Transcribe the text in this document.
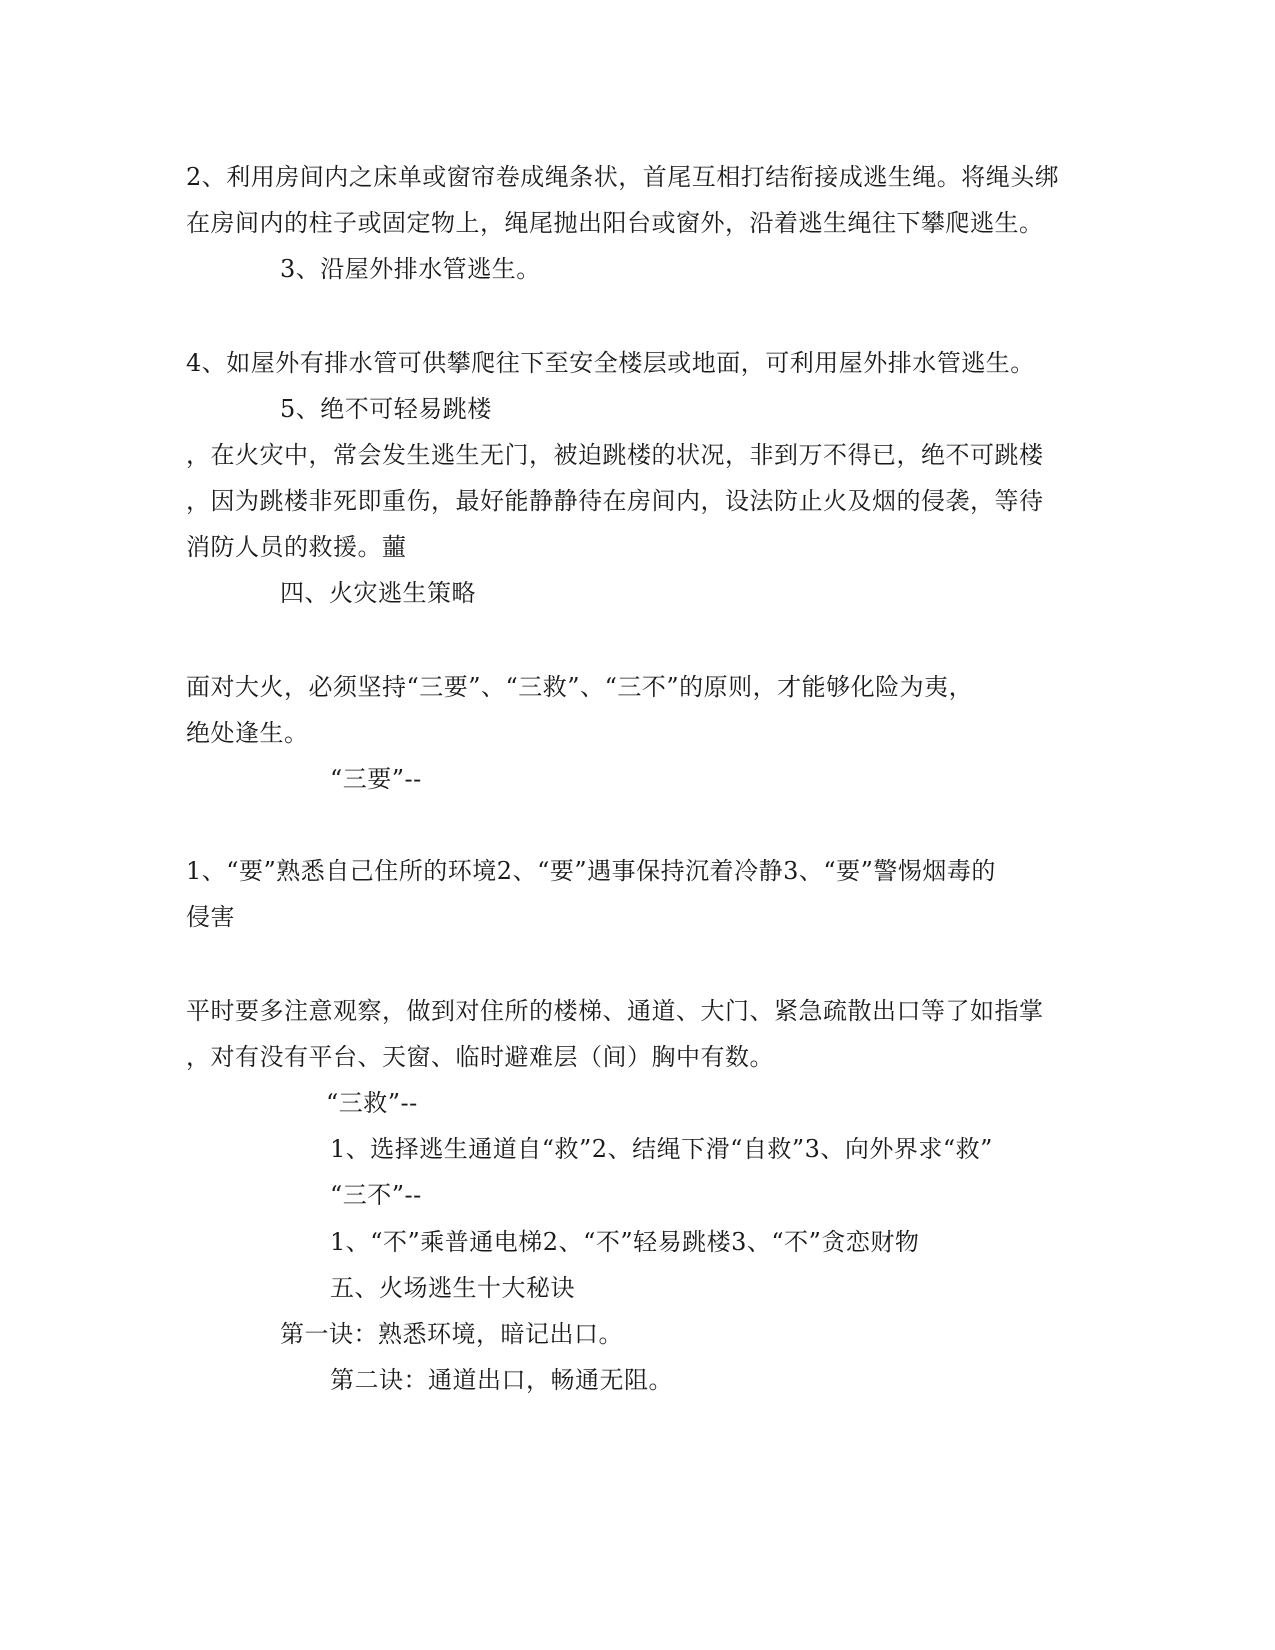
2、利用房间内之床单或窗帘卷成绳条状，首尾互相打结衔接成逃生绳。将绳头绑
在房间内的柱子或固定物上，绳尾抛出阳台或窗外，沿着逃生绳往下攀爬逃生。
3、沿屋外排水管逃生。
4、如屋外有排水管可供攀爬往下至安全楼层或地面，可利用屋外排水管逃生。
5、绝不可轻易跳楼
，在火灾中，常会发生逃生无门，被迫跳楼的状况，非到万不得已，绝不可跳楼
，因为跳楼非死即重伤，最好能静静待在房间内，设法防止火及烟的侵袭，等待
消防人员的救援。蘁
四、火灾逃生策略
面对大火，必须坚持“三要”、“三救”、“三不”的原则，才能够化险为夷，
绝处逢生。
“三要”--
1、“要”熟悉自己住所的环境2、“要”遇事保持沉着冷静3、“要”警惕烟毒的
侵害
平时要多注意观察，做到对住所的楼梯、通道、大门、紧急疏散出口等了如指掌
，对有没有平台、天窗、临时避难层（间）胸中有数。
“三救”--
1、选择逃生通道自“救”2、结绳下滑“自救”3、向外界求“救”
“三不”--
1、“不”乘普通电梯2、“不”轻易跳楼3、“不”贪恋财物
五、火场逃生十大秘诀
第一诀：熟悉环境，暗记出口。
第二诀：通道出口，畅通无阻。
